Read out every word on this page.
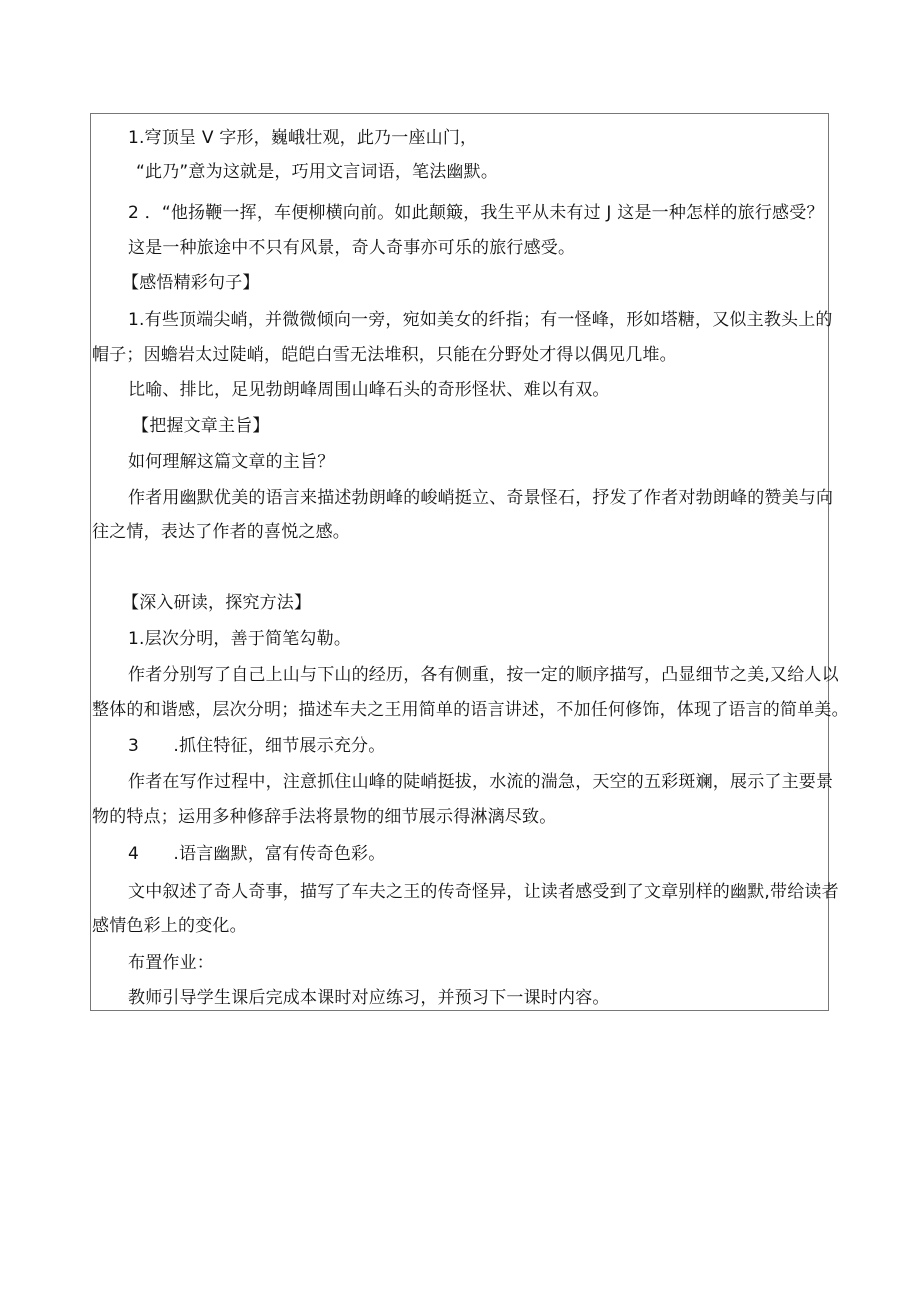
1.穹顶呈 V 字形，巍峨壮观，此乃一座山门，
“此乃”意为这就是，巧用文言词语，笔法幽默。
2 ．“他扬鞭一挥，车便柳横向前。如此颠簸，我生平从未有过 J 这是一种怎样的旅行感受？
这是一种旅途中不只有风景，奇人奇事亦可乐的旅行感受。
【感悟精彩句子】
1.有些顶端尖峭，并微微倾向一旁，宛如美女的纤指；有一怪峰，形如塔糖，又似主教头上的
帽子；因蟾岩太过陡峭，皑皑白雪无法堆积，只能在分野处才得以偶见几堆。
比喻、排比，足见勃朗峰周围山峰石头的奇形怪状、难以有双。
【把握文章主旨】
如何理解这篇文章的主旨？
作者用幽默优美的语言来描述勃朗峰的峻峭挺立、奇景怪石，抒发了作者对勃朗峰的赞美与向
往之情，表达了作者的喜悦之感。
【深入研读，探究方法】
1.层次分明，善于简笔勾勒。
作者分别写了自己上山与下山的经历，各有侧重，按一定的顺序描写，凸显细节之美,又给人以
整体的和谐感，层次分明；描述车夫之王用简单的语言讲述，不加任何修饰，体现了语言的简单美。
3　　.抓住特征，细节展示充分。
作者在写作过程中，注意抓住山峰的陡峭挺拔，水流的湍急，天空的五彩斑斓，展示了主要景
物的特点；运用多种修辞手法将景物的细节展示得淋漓尽致。
4　　.语言幽默，富有传奇色彩。
文中叙述了奇人奇事，描写了车夫之王的传奇怪异，让读者感受到了文章别样的幽默,带给读者
感情色彩上的变化。
布置作业：
教师引导学生课后完成本课时对应练习，并预习下一课时内容。
